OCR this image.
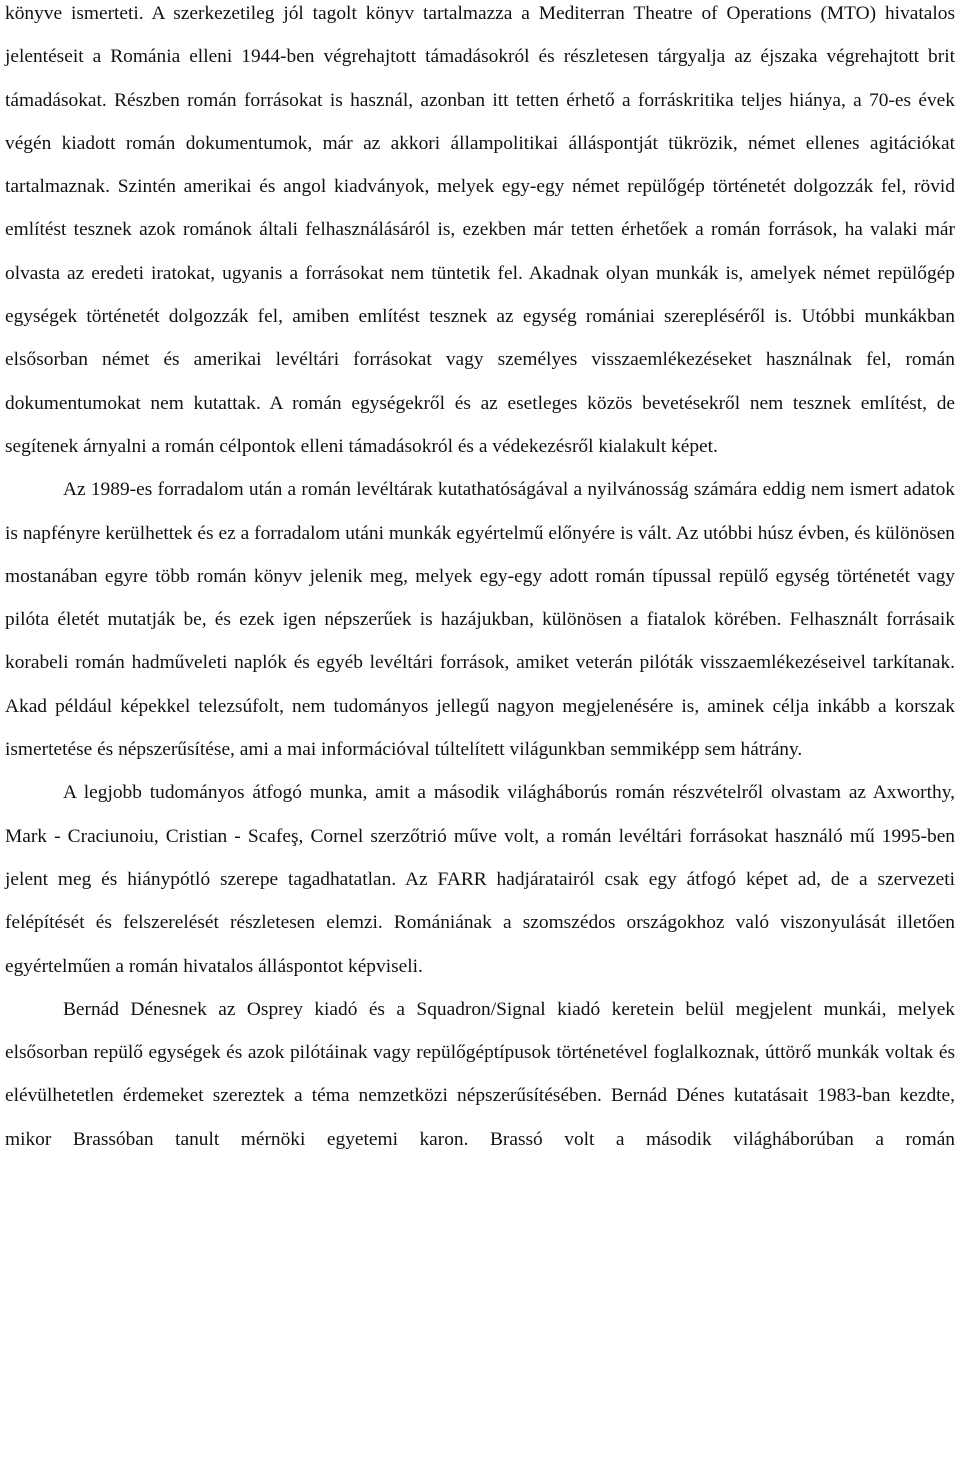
könyve ismerteti. A szerkezetileg jól tagolt könyv tartalmazza a Mediterran Theatre of Operations (MTO) hivatalos jelentéseit a Románia elleni 1944-ben végrehajtott támadásokról és részletesen tárgyalja az éjszaka végrehajtott brit támadásokat. Részben román forrásokat is használ, azonban itt tetten érhető a forráskritika teljes hiánya, a 70-es évek végén kiadott román dokumentumok, már az akkori állampolitikai álláspontját tükrözik, német ellenes agitációkat tartalmaznak. Szintén amerikai és angol kiadványok, melyek egy-egy német repülőgép történetét dolgozzák fel, rövid említést tesznek azok románok általi felhasználásáról is, ezekben már tetten érhetőek a román források, ha valaki már olvasta az eredeti iratokat, ugyanis a forrásokat nem tüntetik fel. Akadnak olyan munkák is, amelyek német repülőgép egységek történetét dolgozzák fel, amiben említést tesznek az egység romániai szerepléséről is. Utóbbi munkákban elsősorban német és amerikai levéltári forrásokat vagy személyes visszaemlékezéseket használnak fel, román dokumentumokat nem kutattak. A román egységekről és az esetleges közös bevetésekről nem tesznek említést, de segítenek árnyalni a román célpontok elleni támadásokról és a védekezésről kialakult képet.

Az 1989-es forradalom után a román levéltárak kutathatóságával a nyilvánosság számára eddig nem ismert adatok is napfényre kerülhettek és ez a forradalom utáni munkák egyértelmű előnyére is vált. Az utóbbi húsz évben, és különösen mostanában egyre több román könyv jelenik meg, melyek egy-egy adott román típussal repülő egység történetét vagy pilóta életét mutatják be, és ezek igen népszerűek is hazájukban, különösen a fiatalok körében. Felhasznált forrásaik korabeli román hadműveleti naplók és egyéb levéltári források, amiket veterán pilóták visszaemlékezéseivel tarkítanak. Akad például képekkel telezsúfolt, nem tudományos jellegű nagyon megjelenésére is, aminek célja inkább a korszak ismertetése és népszerűsítése, ami a mai információval túltelített világunkban semmiképp sem hátrány.

A legjobb tudományos átfogó munka, amit a második világháborús román részvételről olvastam az Axworthy, Mark - Craciunoiu, Cristian - Scafeş, Cornel szerzőtrió műve volt, a román levéltári forrásokat használó mű 1995-ben jelent meg és hiánypótló szerepe tagadhatatlan. Az FARR hadjáratairól csak egy átfogó képet ad, de a szervezeti felépítését és felszerelését részletesen elemzi. Romániának a szomszédos országokhoz való viszonyulását illetően egyértelműen a román hivatalos álláspontot képviseli.

Bernád Dénesnek az Osprey kiadó és a Squadron/Signal kiadó keretein belül megjelent munkái, melyek elsősorban repülő egységek és azok pilótáinak vagy repülőgéptípusok történetével foglalkoznak, úttörő munkák voltak és elévülhetetlen érdemeket szereztek a téma nemzetközi népszerűsítésében. Bernád Dénes kutatásait 1983-ban kezdte, mikor Brassóban tanult mérnöki egyetemi karon. Brassó volt a második világháborúban a román
